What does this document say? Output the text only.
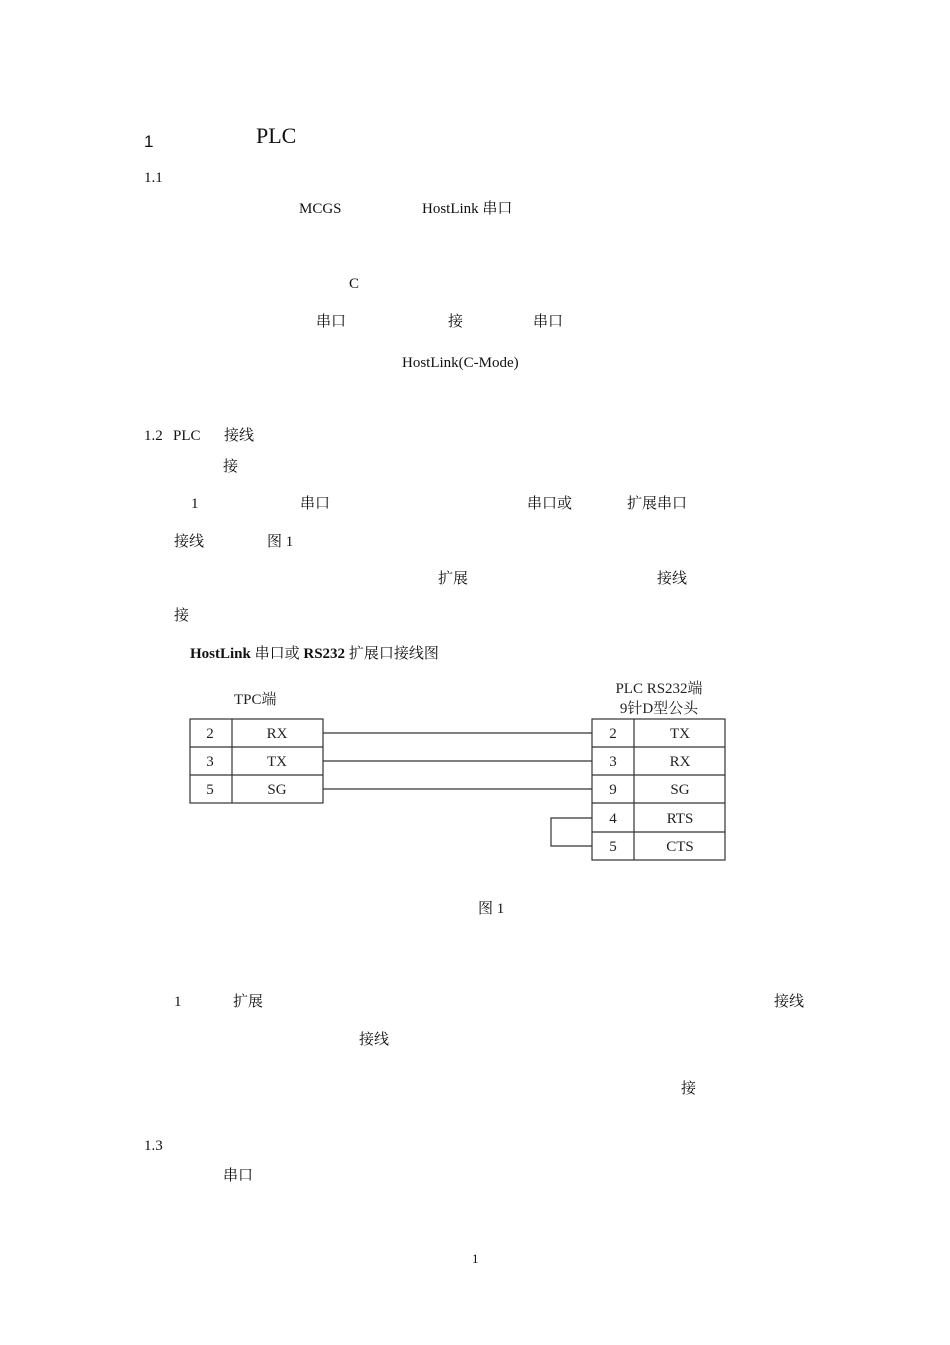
1	PLC
1.1
MCGS	HostLink 串口
C
串口	接	串口
HostLink(C-Mode)
1.2 PLC 接线
接
1	串口	串口或	扩展串口
接线	图 1
扩展	接线
接
HostLink 串口或 RS232 扩展口接线图
TPC端
PLC RS232端
9针D型公头
2	RX
3	TX
5	SG
2	TX
3	RX
9	SG
4	RTS
5	CTS
图 1
1	扩展	接线
接线
接
1.3
串口
1
